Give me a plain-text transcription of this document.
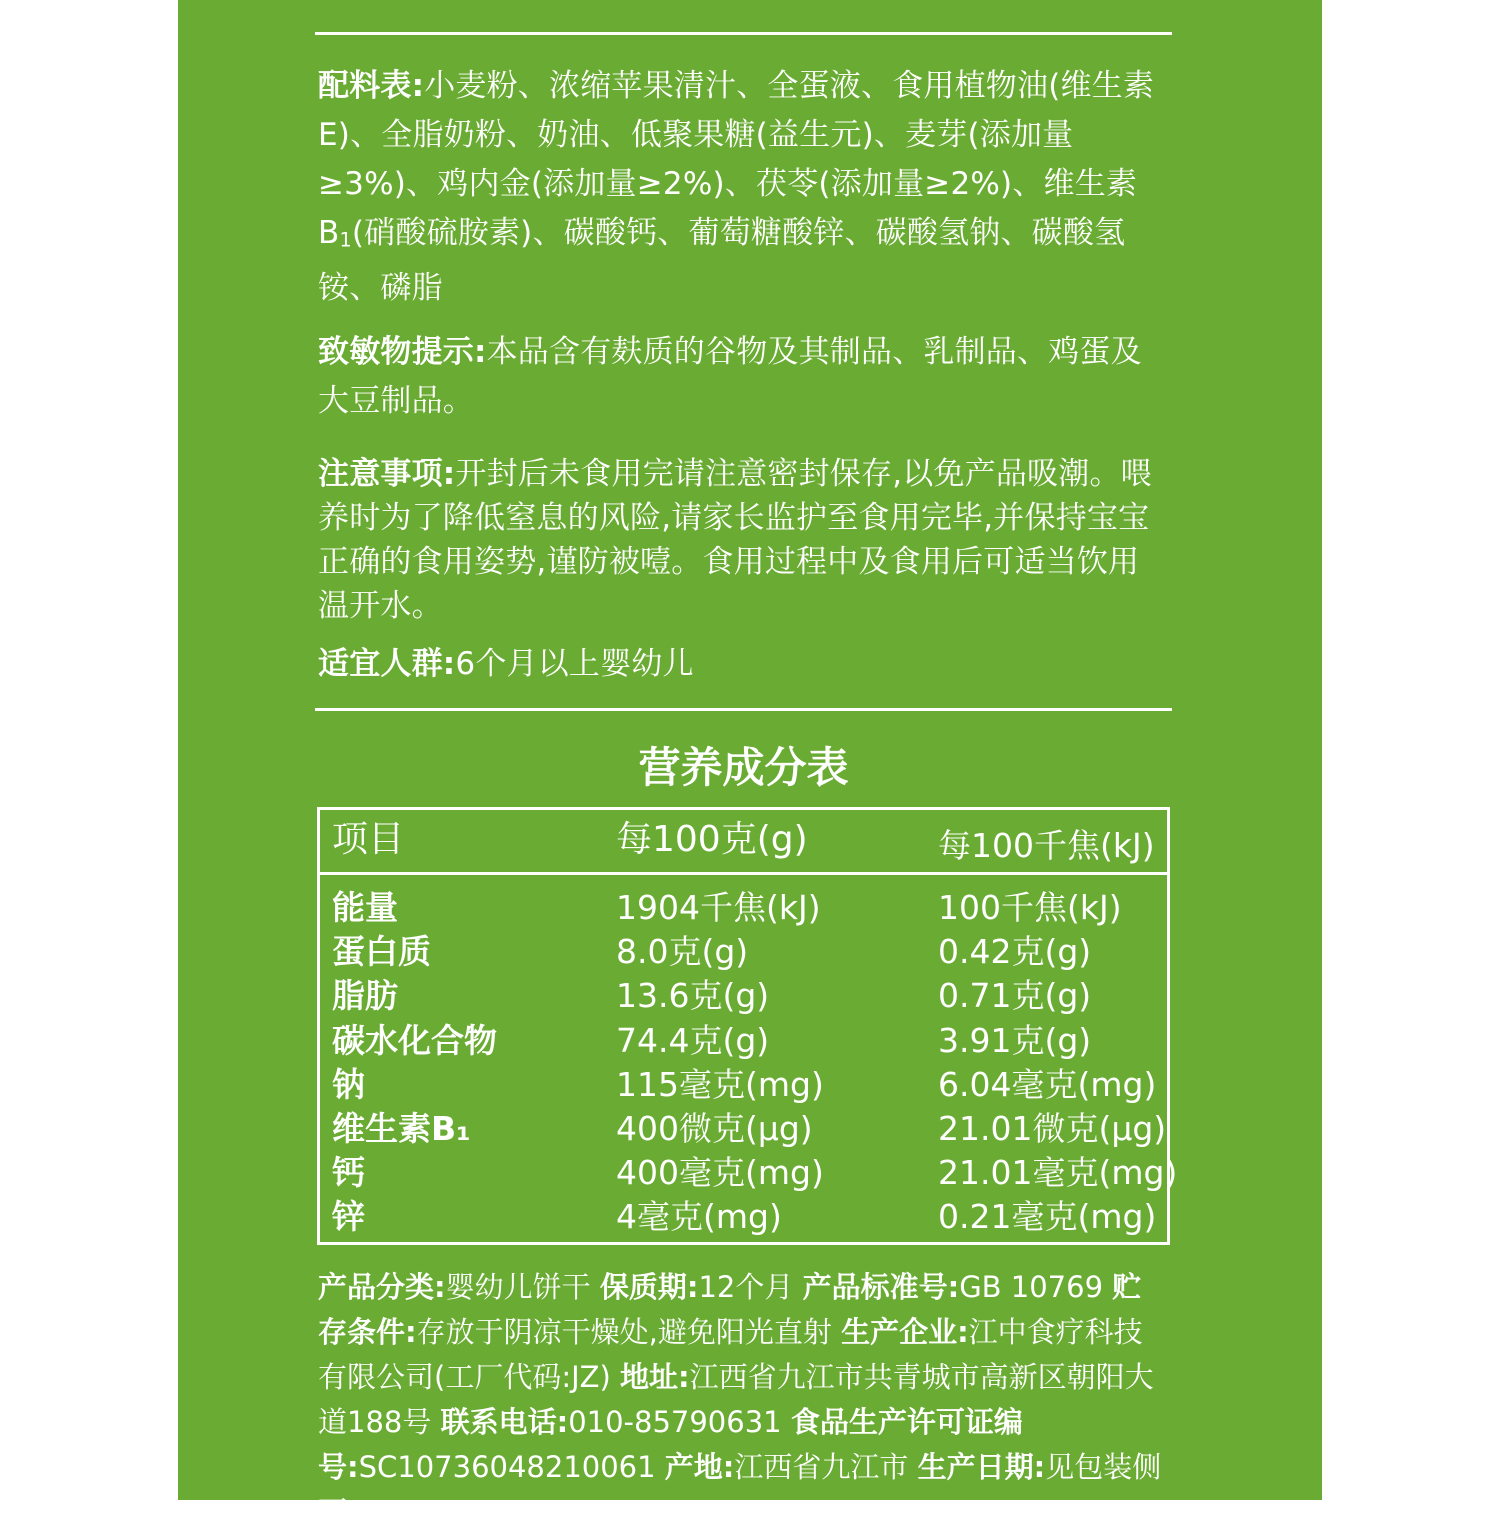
配料表:小麦粉、浓缩苹果清汁、全蛋液、食用植物油(维生素E)、全脂奶粉、奶油、低聚果糖(益生元)、麦芽(添加量≥3%)、鸡内金(添加量≥2%)、茯苓(添加量≥2%)、维生素B1(硝酸硫胺素)、碳酸钙、葡萄糖酸锌、碳酸氢钠、碳酸氢铵、磷脂
致敏物提示:本品含有麸质的谷物及其制品、乳制品、鸡蛋及大豆制品。
注意事项:开封后未食用完请注意密封保存,以免产品吸潮。喂养时为了降低窒息的风险,请家长监护至食用完毕,并保持宝宝正确的食用姿势,谨防被噎。食用过程中及食用后可适当饮用温开水。
适宜人群:6个月以上婴幼儿
营养成分表
项目	每100克(g)	每100千焦(kJ)
能量	1904千焦(kJ)	100千焦(kJ)
蛋白质	8.0克(g)	0.42克(g)
脂肪	13.6克(g)	0.71克(g)
碳水化合物	74.4克(g)	3.91克(g)
钠	115毫克(mg)	6.04毫克(mg)
维生素B₁	400微克(μg)	21.01微克(μg)
钙	400毫克(mg)	21.01毫克(mg)
锌	4毫克(mg)	0.21毫克(mg)
产品分类:婴幼儿饼干 保质期:12个月 产品标准号:GB 10769 贮存条件:存放于阴凉干燥处,避免阳光直射 生产企业:江中食疗科技有限公司(工厂代码:JZ) 地址:江西省九江市共青城市高新区朝阳大道188号 联系电话:010-85790631 食品生产许可证编号:SC10736048210061 产地:江西省九江市 生产日期:见包装侧面
